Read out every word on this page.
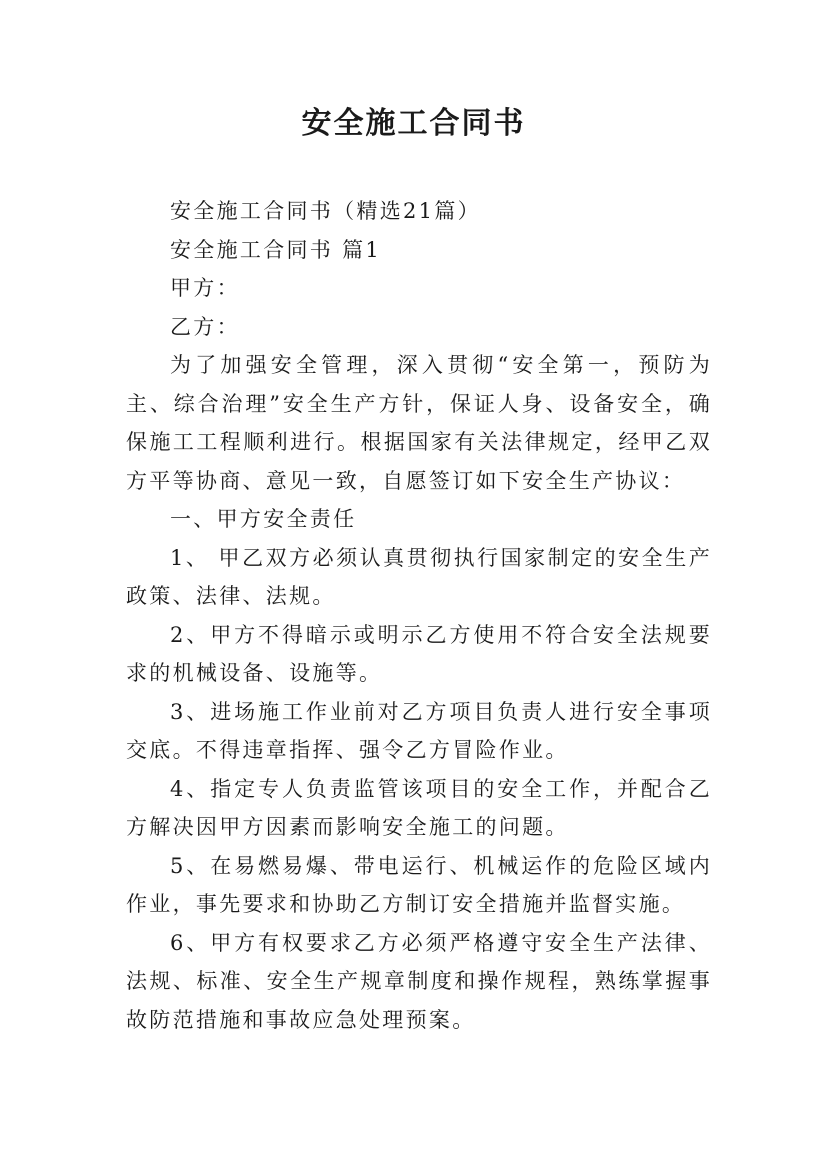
安全施工合同书

安全施工合同书（精选21篇）

安全施工合同书 篇1

甲方：

乙方：

为了加强安全管理，深入贯彻“安全第一，预防为主、综合治理”安全生产方针，保证人身、设备安全，确保施工工程顺利进行。根据国家有关法律规定，经甲乙双方平等协商、意见一致，自愿签订如下安全生产协议：

一、甲方安全责任

1、 甲乙双方必须认真贯彻执行国家制定的安全生产政策、法律、法规。

2、甲方不得暗示或明示乙方使用不符合安全法规要求的机械设备、设施等。

3、进场施工作业前对乙方项目负责人进行安全事项交底。不得违章指挥、强令乙方冒险作业。

4、指定专人负责监管该项目的安全工作，并配合乙方解决因甲方因素而影响安全施工的问题。

5、在易燃易爆、带电运行、机械运作的危险区域内作业，事先要求和协助乙方制订安全措施并监督实施。

6、甲方有权要求乙方必须严格遵守安全生产法律、法规、标准、安全生产规章制度和操作规程，熟练掌握事故防范措施和事故应急处理预案。
